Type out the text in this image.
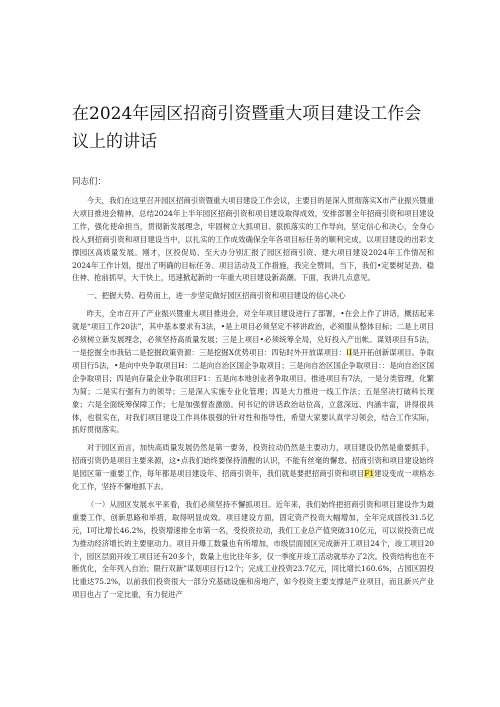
在2024年园区招商引资暨重大项目建设工作会议上的讲话
同志们：

今天，我们在这里召开园区招商引资暨重大项目建设工作会议，主要目的是深入贯彻落实X市产业振兴暨重大项目推进会精神，总结2024年上半年园区招商引资和项目建设取得成效，安排部署全年招商引资和项目建设工作，强化使命担当，贯彻新发展理念，牢固树立大抓项目、狠抓落实的工作导向，坚定信心和决心，全身心投入到招商引资和项目建设当中，以扎实的工作成效确保全年各项目标任务的顺利完成，以项目建设的出彩支撑园区高质量发展。刚才，区投促局、至大办分别汇报了园区招商引资、建大项目建设2024年工作情况和2024年工作计划，提出了明确的目标任务、项目活动及工作措施，我完全赞同，当下，我们•定要树足劲、稳住神、抢前抓早，大干快上，迅速掀起新的一年重大项目建设新高潮。下面，我讲几点意见。

一、把握大势、趋势而上，进一步坚定做好园区招商引资和项目建设的信心决心

昨天，全市召开了产业振兴暨重大项目推进会，对全年项目建设进行了部署，•在会上作了讲话，概括起来就是“项目工作20法”，其中基本要求有3法，•是上项目必须坚定不移讲政治，必须服从整体目标；二是上项目必须树立新发展理念，必须坚持高质量发展；三是上项目•必须统筹全局，兑好投入产出帐。谋划项目有5法，一是挖掘全市我钻二是挖掘政策资源：三是挖掘X优势项目：四钻时外开放谋项目：II是开拓创新谋项目。争取项目行5法，•是向中央争取项目H：二是向自治区国企争取项目；三是向自治区国企争取项目：：是向自治区国企争取项目；四是向存量企业争取项目F1：五是向本地创业者争取项目。推进项目有7法，一是分类管理，化繁为简；二是实行强有力的领导；三是深入实施专业化管理；四是大力推进一线工作法；五是坚决打破科长现象；六是全面统筹保障工作；七是加强督查激励。何书记的讲话政治站位高，立意深远、内涵丰富，讲得很具体，也很实在，对我们项目建设工作具体很强的针对性和指导性，希望大家要认真学习领会，结合工作实际，抓好贯彻落实。

对于园区而言，加快高质量发展仍然是第一要务，投资拉动仍然是主要动力，项目建设仍然是重要抓手，招商引资仍是项目主要来源，这•点我们始终要保持清醒的认识，不能有丝毫的懈怠。招商引资和项目建设始终是园区第一重要工作，每年都是项目建设年、招商引资年，我们就是要把招商引资和项目F1建设变成一项格态化工作，坚持不懈地抓下去。

（一）从园区发展水平来看，我们必须坚持不懈抓项目。近年来，我们始终把招商引资和项目建设作为最重要工作，创新思路和举措，取得明显成效。项目建设方面，固定资产投资大幅增加，全年完成固投31.5亿元，I可比增长46.2%，投资增速排全市第一名，受投资拉动，我们工业总产值突破310亿元，可以说投资已成为推动经济增长的主要驱动力。项目开爆工数量也有所增加，市级层面园区完成新开工项目24个，竣工项目20个，园区层面开竣工项目还有20多个，数量上也比往年多，仅一季度开竣工活动就举办了2次。投资结构也在不断优化，全年列入自治；限行双新”谋划项目行12个；完成工业投资23.7亿元，同比增长160.6%，占园区固投比重达75.2%，以前我们投资很大一部分究基础设施和房地产，如今投资主要支撑是产业项目，而且新兴产业项目也占了一定比重，有力促进产
